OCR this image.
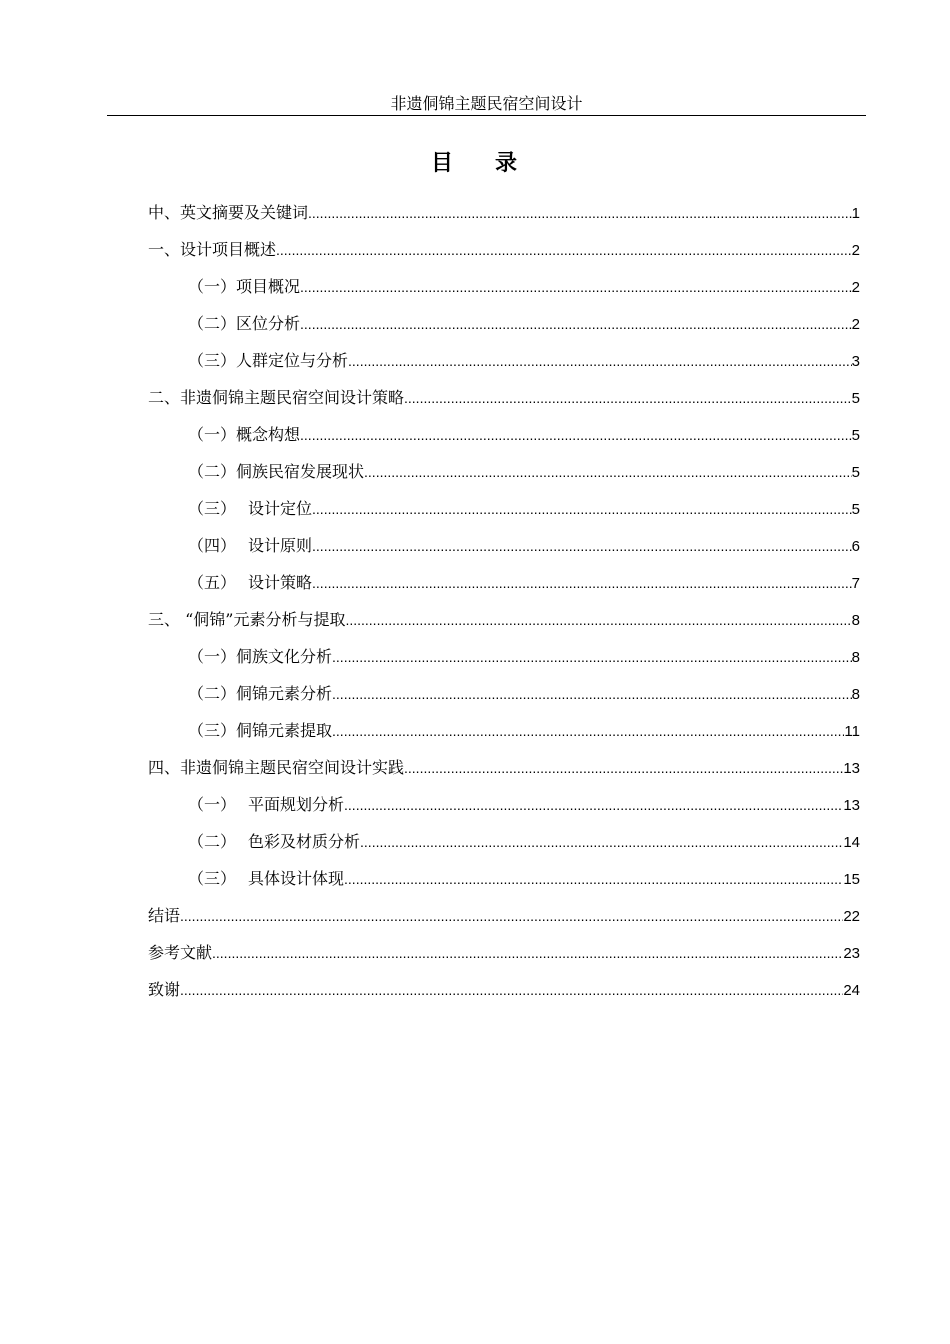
非遗侗锦主题民宿空间设计
目 录
中、英文摘要及关键词 .....	1
一、设计项目概述 .....	2
（一）项目概况 .....	2
（二）区位分析 .....	2
（三）人群定位与分析 .....	3
二、非遗侗锦主题民宿空间设计策略 .....	5
（一）概念构想 .....	5
（二）侗族民宿发展现状 .....	5
（三） 设计定位 .....	5
（四） 设计原则 .....	6
（五） 设计策略 .....	7
三、 “侗锦”元素分析与提取 .....	8
（一）侗族文化分析 .....	8
（二）侗锦元素分析 .....	8
（三）侗锦元素提取 .....	11
四、非遗侗锦主题民宿空间设计实践 .....	13
（一） 平面规划分析 .....	13
（二） 色彩及材质分析 .....	14
（三） 具体设计体现 .....	15
结语 .....	22
参考文献 .....	23
致谢 .....	24
